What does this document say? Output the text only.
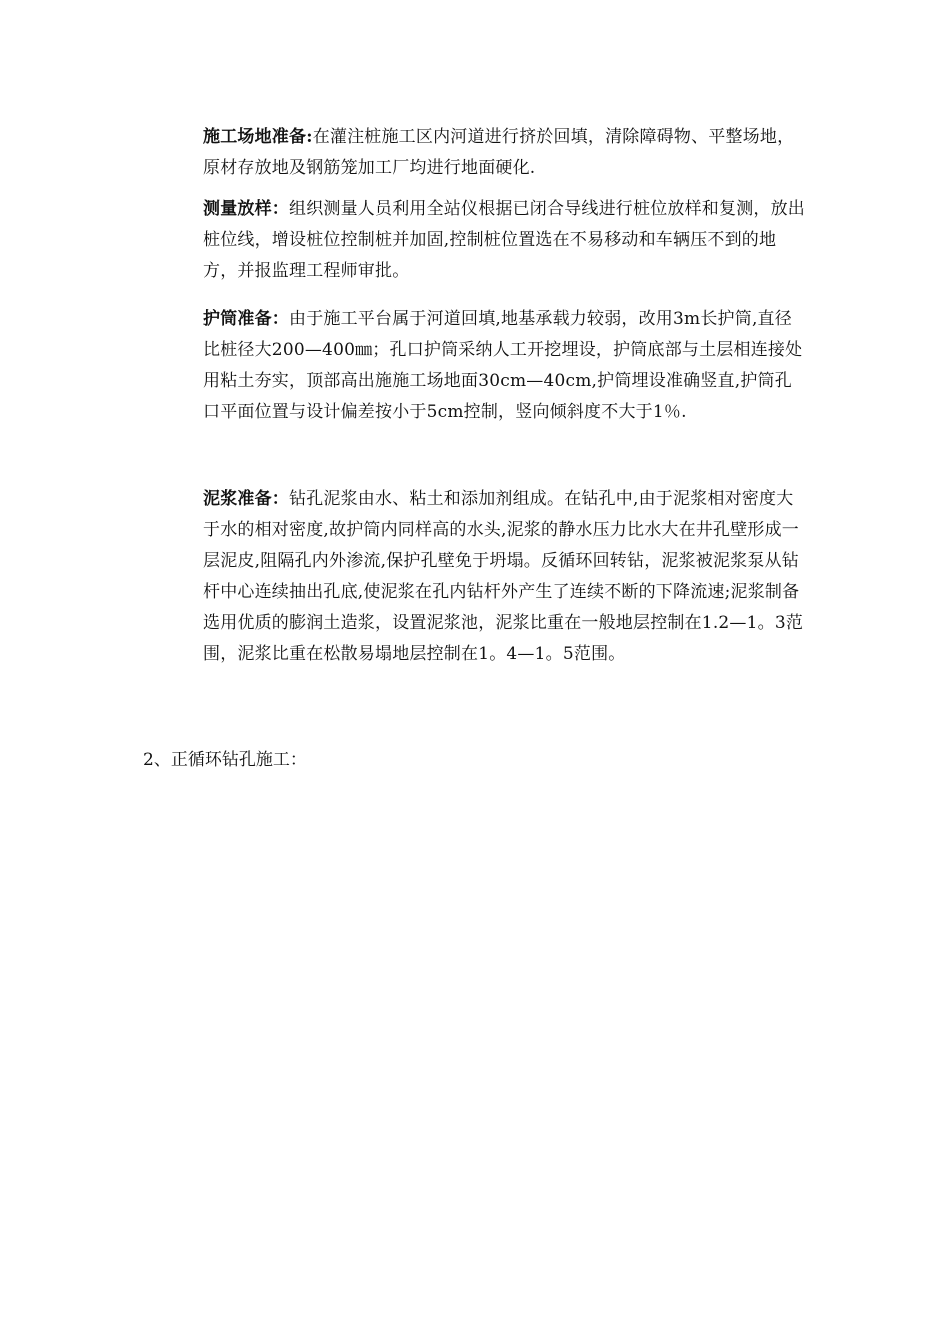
施工场地准备:在灌注桩施工区内河道进行挤於回填，清除障碍物、平整场地，原材存放地及钢筋笼加工厂均进行地面硬化.
测量放样：组织测量人员利用全站仪根据已闭合导线进行桩位放样和复测，放出桩位线，增设桩位控制桩并加固,控制桩位置选在不易移动和车辆压不到的地方，并报监理工程师审批。
护筒准备：由于施工平台属于河道回填,地基承载力较弱，改用3m长护筒,直径比桩径大200—400㎜；孔口护筒采纳人工开挖埋设，护筒底部与土层相连接处用粘土夯实，顶部高出施施工场地面30cm—40cm,护筒埋设准确竖直,护筒孔口平面位置与设计偏差按小于5cm控制，竖向倾斜度不大于1％.
泥浆准备：钻孔泥浆由水、粘土和添加剂组成。在钻孔中,由于泥浆相对密度大于水的相对密度,故护筒内同样高的水头,泥浆的静水压力比水大在井孔壁形成一层泥皮,阻隔孔内外渗流,保护孔壁免于坍塌。反循环回转钻，泥浆被泥浆泵从钻杆中心连续抽出孔底,使泥浆在孔内钻杆外产生了连续不断的下降流速;泥浆制备选用优质的膨润土造浆，设置泥浆池，泥浆比重在一般地层控制在1.2—1。3范围，泥浆比重在松散易塌地层控制在1。4—1。5范围。
2、正循环钻孔施工：
